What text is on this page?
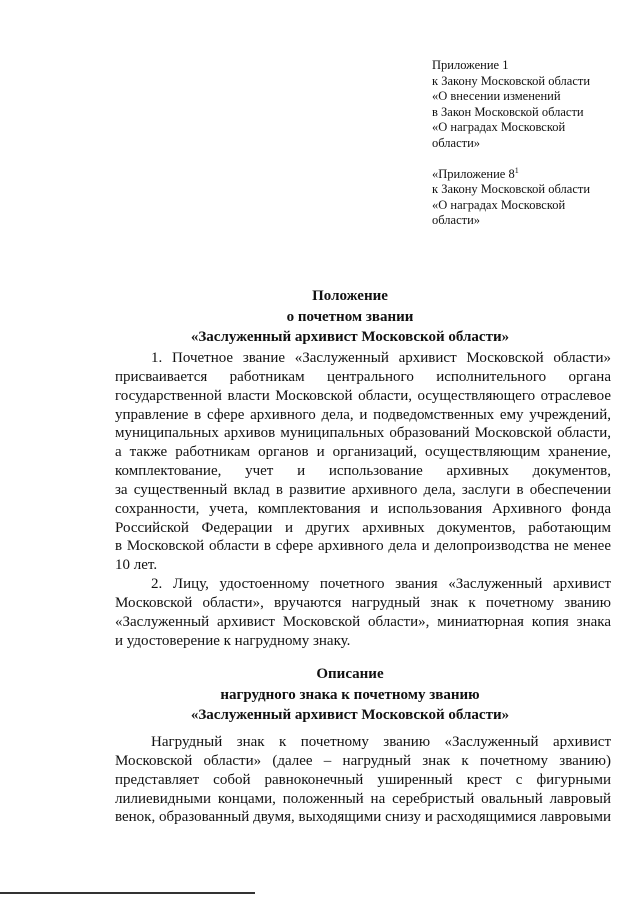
Приложение 1
к Закону Московской области
«О внесении изменений
в Закон Московской области
«О наградах Московской
области»
«Приложение $8^1$
к Закону Московской области
«О наградах Московской
области»
Положение
о почетном звании
«Заслуженный архивист Московской области»
1. Почетное звание «Заслуженный архивист Московской области»
присваивается работникам центрального исполнительного органа
государственной власти Московской области, осуществляющего отраслевое
управление в сфере архивного дела, и подведомственных ему учреждений,
муниципальных архивов муниципальных образований Московской области,
а также работникам органов и организаций, осуществляющим хранение,
комплектование, учет и использование архивных документов,
за существенный вклад в развитие архивного дела, заслуги в обеспечении
сохранности, учета, комплектования и использования Архивного фонда
Российской Федерации и других архивных документов, работающим
в Московской области в сфере архивного дела и делопроизводства не менее
10 лет.
2. Лицу, удостоенному почетного звания «Заслуженный архивист
Московской области», вручаются нагрудный знак к почетному званию
«Заслуженный архивист Московской области», миниатюрная копия знака
и удостоверение к нагрудному знаку.
Описание
нагрудного знака к почетному званию
«Заслуженный архивист Московской области»
Нагрудный знак к почетному званию «Заслуженный архивист
Московской области» (далее – нагрудный знак к почетному званию)
представляет собой равноконечный уширенный крест с фигурными
лилиевидными концами, положенный на серебристый овальный лавровый
венок, образованный двумя, выходящими снизу и расходящимися лавровыми
